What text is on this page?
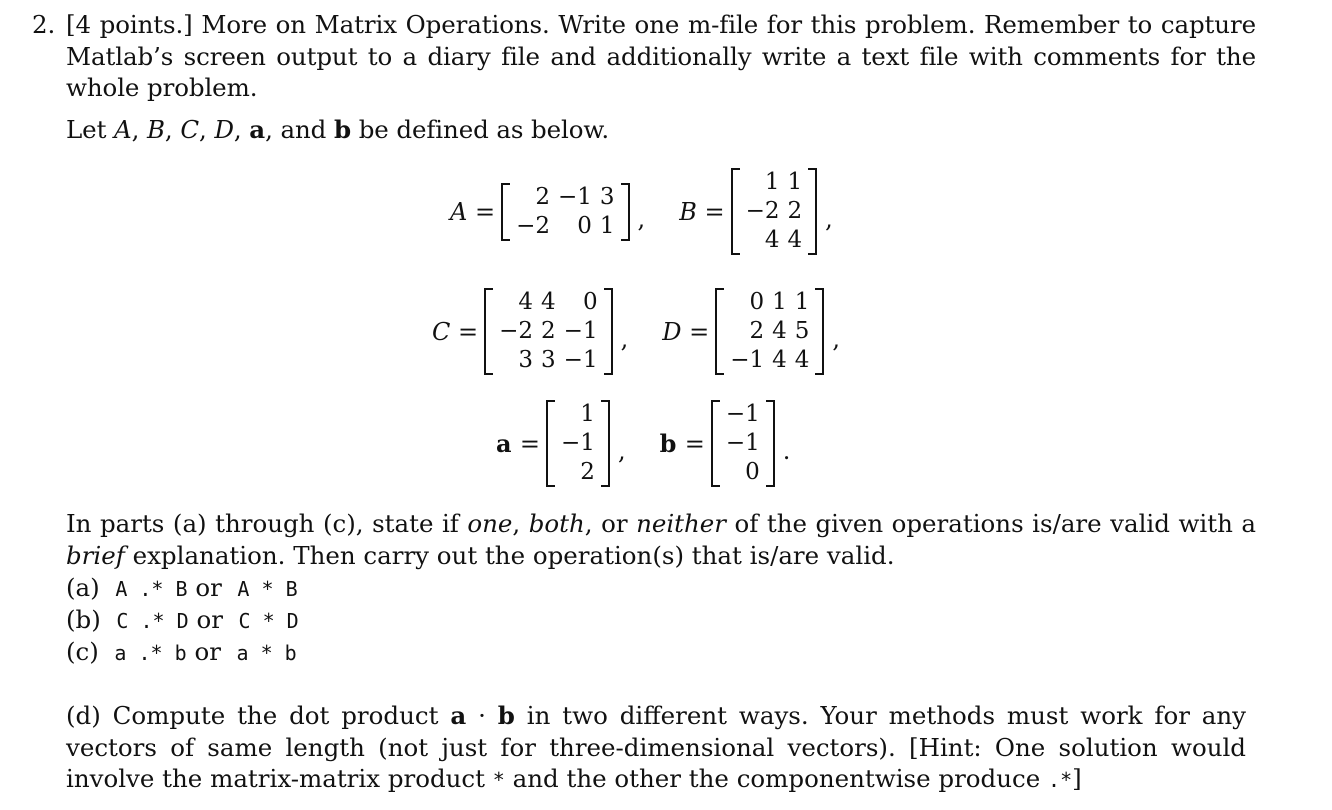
2. [4 points.] More on Matrix Operations. Write one m-file for this problem. Remember to capture Matlab’s screen output to a diary file and additionally write a text file with comments for the whole problem.
Let A, B, C, D, a, and b be defined as below.
A =
2	−1	3
−2	0	1 , B =
1	1
−2	2
4	4
,
C =
4	4	0
−2	2	−1
3	3	−1
, D =
0	1	1
2	4	5
−1	4	4
,
a =
1
−1
2
, b =
−1
−1
0
.
In parts (a) through (c), state if one, both, or neither of the given operations is/are valid with a brief explanation. Then carry out the operation(s) that is/are valid.
(a) A .* B or A * B
(b) C .* D or C * D
(c) a .* b or a * b
(d) Compute the dot product a · b in two different ways. Your methods must work for any vectors of same length (not just for three-dimensional vectors). [Hint: One solution would involve the matrix-matrix product * and the other the componentwise produce .*]
